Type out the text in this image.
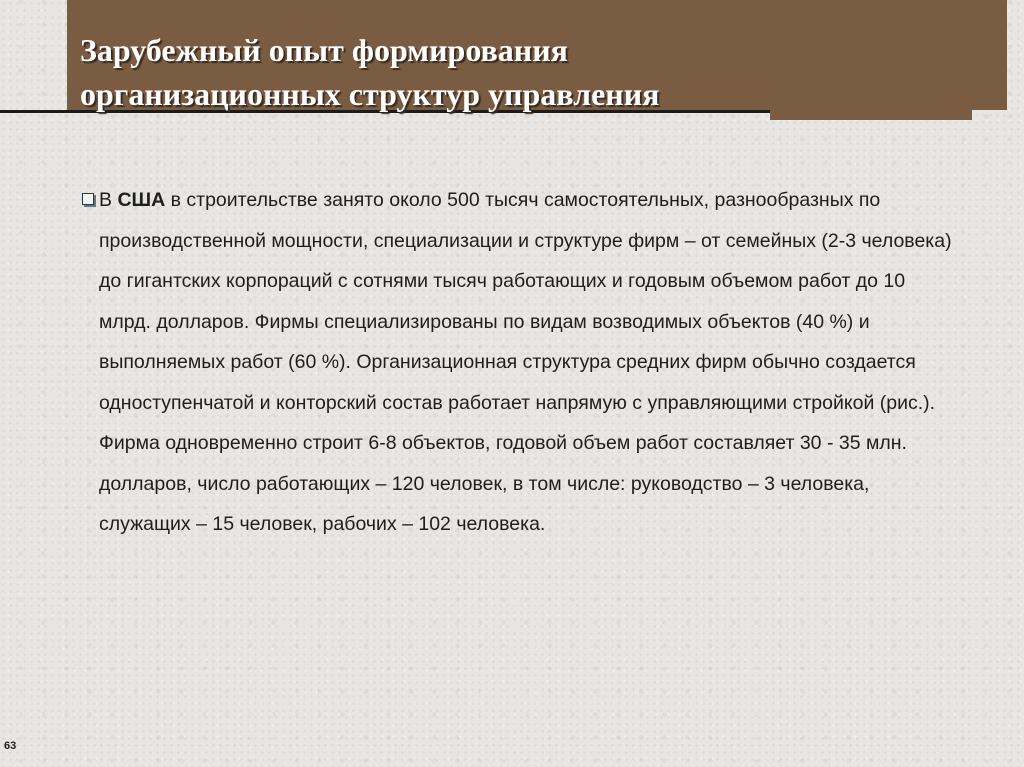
Зарубежный опыт формирования
организационных структур управления

В США в строительстве занято около 500 тысяч самостоятельных, разнообразных по производственной мощности, специализации и структуре фирм – от семейных (2-3 человека) до гигантских корпораций с сотнями тысяч работающих и годовым объемом работ до 10 млрд. долларов. Фирмы специализированы по видам возводимых объектов (40 %) и выполняемых работ (60 %). Организационная структура средних фирм обычно создается одноступенчатой и конторский состав работает напрямую с управляющими стройкой (рис.). Фирма одновременно строит 6-8 объектов, годовой объем работ составляет 30 - 35 млн. долларов, число работающих – 120 человек, в том числе: руководство – 3 человека, служащих – 15 человек, рабочих – 102 человека.

63
